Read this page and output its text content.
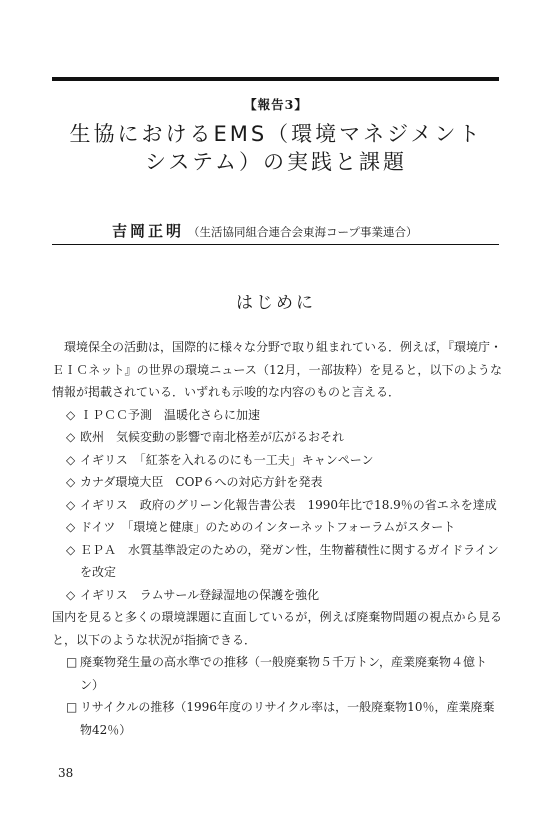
【報告3】
生協におけるEMS（環境マネジメント
システム）の実践と課題
吉岡正明 （生活協同組合連合会東海コープ事業連合）
はじめに
環境保全の活動は，国際的に様々な分野で取り組まれている．例えば，『環境庁・ＥＩＣネット』の世界の環境ニュース（12月，一部抜粋）を見ると，以下のような情報が掲載されている．いずれも示唆的な内容のものと言える．
◇ ＩＰＣＣ予測　温暖化さらに加速
◇ 欧州　気候変動の影響で南北格差が広がるおそれ
◇ イギリス　「紅茶を入れるのにも一工夫」キャンペーン
◇ カナダ環境大臣　COP６への対応方針を発表
◇ イギリス　政府のグリーン化報告書公表　1990年比で18.9％の省エネを達成
◇ ドイツ　「環境と健康」のためのインターネットフォーラムがスタート
◇ ＥＰＡ　水質基準設定のための，発ガン性，生物蓄積性に関するガイドラインを改定
◇ イギリス　ラムサール登録湿地の保護を強化

国内を見ると多くの環境課題に直面しているが，例えば廃棄物問題の視点から見ると，以下のような状況が指摘できる．

□ 廃棄物発生量の高水準での推移（一般廃棄物５千万トン，産業廃棄物４億トン）
□ リサイクルの推移（1996年度のリサイクル率は，一般廃棄物10％，産業廃棄物42％）
38
